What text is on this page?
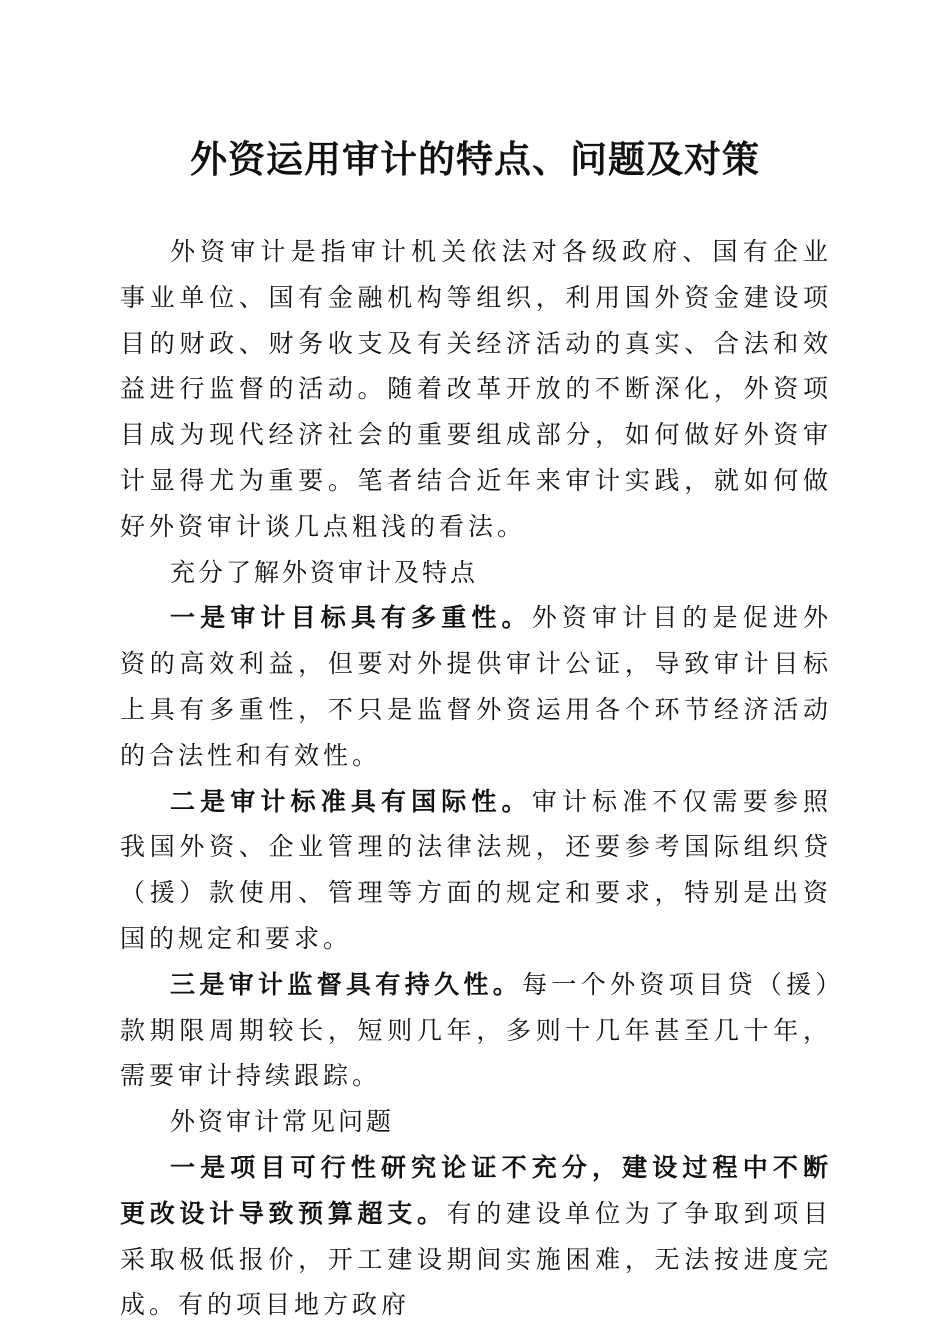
外资运用审计的特点、问题及对策

外资审计是指审计机关依法对各级政府、国有企业事业单位、国有金融机构等组织，利用国外资金建设项目的财政、财务收支及有关经济活动的真实、合法和效益进行监督的活动。随着改革开放的不断深化，外资项目成为现代经济社会的重要组成部分，如何做好外资审计显得尤为重要。笔者结合近年来审计实践，就如何做好外资审计谈几点粗浅的看法。

充分了解外资审计及特点

一是审计目标具有多重性。外资审计目的是促进外资的高效利益，但要对外提供审计公证，导致审计目标上具有多重性，不只是监督外资运用各个环节经济活动的合法性和有效性。

二是审计标准具有国际性。审计标准不仅需要参照我国外资、企业管理的法律法规，还要参考国际组织贷（援）款使用、管理等方面的规定和要求，特别是出资国的规定和要求。

三是审计监督具有持久性。每一个外资项目贷（援）款期限周期较长，短则几年，多则十几年甚至几十年，需要审计持续跟踪。

外资审计常见问题

一是项目可行性研究论证不充分，建设过程中不断更改设计导致预算超支。有的建设单位为了争取到项目采取极低报价，开工建设期间实施困难，无法按进度完成。有的项目地方政府
